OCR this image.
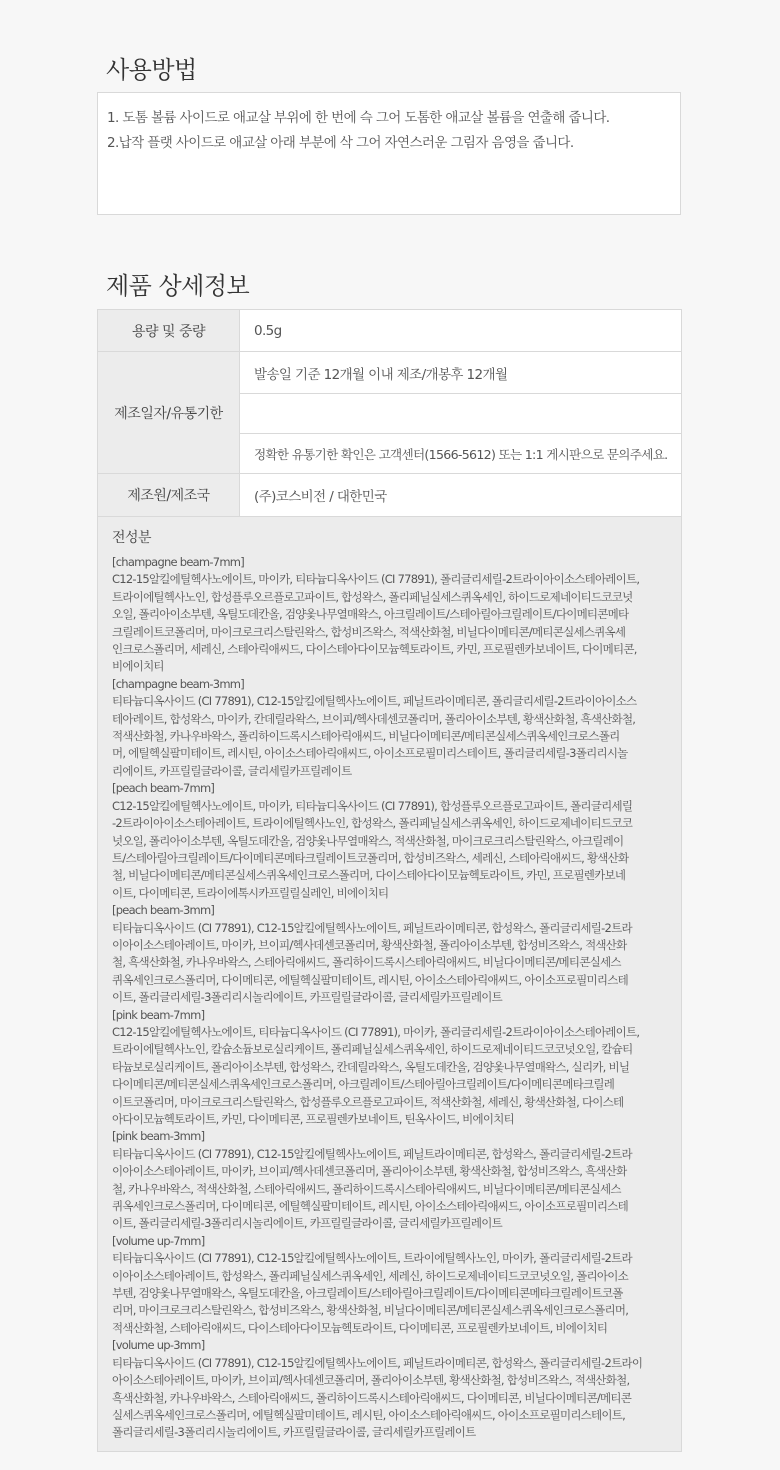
사용방법
1. 도톰 볼륨 사이드로 애교살 부위에 한 번에 슥 그어 도톰한 애교살 볼륨을 연출해 줍니다.
2.납작 플랫 사이드로 애교살 아래 부분에 삭 그어 자연스러운 그림자 음영을 줍니다.
제품 상세정보
용량 및 중량	0.5g
제조일자/유통기한
발송일 기준 12개월 이내 제조/개봉후 12개월
정확한 유통기한 확인은 고객센터(1566-5612) 또는 1:1 게시판으로 문의주세요.
제조원/제조국	(주)코스비전 / 대한민국
전성분
[champagne beam-7mm]
C12-15알킬에틸헥사노에이트, 마이카, 티타늄디옥사이드 (CI 77891), 폴리글리세릴-2트라이아이소스테아레이트,
트라이에틸헥사노인, 합성플루오르플로고파이트, 합성왁스, 폴리페닐실세스퀴옥세인, 하이드로제네이티드코코넛
오일, 폴리아이소부텐, 옥틸도데칸올, 검양옻나무열매왁스, 아크릴레이트/스테아릴아크릴레이트/다이메티콘메타
크릴레이트코폴리머, 마이크로크리스탈린왁스, 합성비즈왁스, 적색산화철, 비닐다이메티콘/메티콘실세스퀴옥세
인크로스폴리머, 세레신, 스테아릭애씨드, 다이스테아다이모늄헥토라이트, 카민, 프로필렌카보네이트, 다이메티콘,
비에이치티
[champagne beam-3mm]
티타늄디옥사이드 (CI 77891), C12-15알킬에틸헥사노에이트, 페닐트라이메티콘, 폴리글리세릴-2트라이아이소스
테아레이트, 합성왁스, 마이카, 칸데릴라왁스, 브이피/헥사데센코폴리머, 폴리아이소부텐, 황색산화철, 흑색산화철,
적색산화철, 카나우바왁스, 폴리하이드록시스테아릭애씨드, 비닐다이메티콘/메티콘실세스퀴옥세인크로스폴리
머, 에틸헥실팔미테이트, 레시틴, 아이소스테아릭애씨드, 아이소프로필미리스테이트, 폴리글리세릴-3폴리리시놀
리에이트, 카프릴릴글라이콜, 글리세릴카프릴레이트
[peach beam-7mm]
C12-15알킬에틸헥사노에이트, 마이카, 티타늄디옥사이드 (CI 77891), 합성플루오르플로고파이트, 폴리글리세릴
-2트라이아이소스테아레이트, 트라이에틸헥사노인, 합성왁스, 폴리페닐실세스퀴옥세인, 하이드로제네이티드코코
넛오일, 폴리아이소부텐, 옥틸도데칸올, 검양옻나무열매왁스, 적색산화철, 마이크로크리스탈린왁스, 아크릴레이
트/스테아릴아크릴레이트/다이메티콘메타크릴레이트코폴리머, 합성비즈왁스, 세레신, 스테아릭애씨드, 황색산화
철, 비닐다이메티콘/메티콘실세스퀴옥세인크로스폴리머, 다이스테아다이모늄헥토라이트, 카민, 프로필렌카보네
이트, 다이메티콘, 트라이에톡시카프릴릴실레인, 비에이치티
[peach beam-3mm]
티타늄디옥사이드 (CI 77891), C12-15알킬에틸헥사노에이트, 페닐트라이메티콘, 합성왁스, 폴리글리세릴-2트라
이아이소스테아레이트, 마이카, 브이피/헥사데센코폴리머, 황색산화철, 폴리아이소부텐, 합성비즈왁스, 적색산화
철, 흑색산화철, 카나우바왁스, 스테아릭애씨드, 폴리하이드록시스테아릭애씨드, 비닐다이메티콘/메티콘실세스
퀴옥세인크로스폴리머, 다이메티콘, 에틸헥실팔미테이트, 레시틴, 아이소스테아릭애씨드, 아이소프로필미리스테
이트, 폴리글리세릴-3폴리리시놀리에이트, 카프릴릴글라이콜, 글리세릴카프릴레이트
[pink beam-7mm]
C12-15알킬에틸헥사노에이트, 티타늄디옥사이드 (CI 77891), 마이카, 폴리글리세릴-2트라이아이소스테아레이트,
트라이에틸헥사노인, 칼슘소듐보로실리케이트, 폴리페닐실세스퀴옥세인, 하이드로제네이티드코코넛오일, 칼슘티
타늄보로실리케이트, 폴리아이소부텐, 합성왁스, 칸데릴라왁스, 옥틸도데칸올, 검양옻나무열매왁스, 실리카, 비닐
다이메티콘/메티콘실세스퀴옥세인크로스폴리머, 아크릴레이트/스테아릴아크릴레이트/다이메티콘메타크릴레
이트코폴리머, 마이크로크리스탈린왁스, 합성플루오르플로고파이트, 적색산화철, 세레신, 황색산화철, 다이스테
아다이모늄헥토라이트, 카민, 다이메티콘, 프로필렌카보네이트, 틴옥사이드, 비에이치티
[pink beam-3mm]
티타늄디옥사이드 (CI 77891), C12-15알킬에틸헥사노에이트, 페닐트라이메티콘, 합성왁스, 폴리글리세릴-2트라
이아이소스테아레이트, 마이카, 브이피/헥사데센코폴리머, 폴리아이소부텐, 황색산화철, 합성비즈왁스, 흑색산화
철, 카나우바왁스, 적색산화철, 스테아릭애씨드, 폴리하이드록시스테아릭애씨드, 비닐다이메티콘/메티콘실세스
퀴옥세인크로스폴리머, 다이메티콘, 에틸헥실팔미테이트, 레시틴, 아이소스테아릭애씨드, 아이소프로필미리스테
이트, 폴리글리세릴-3폴리리시놀리에이트, 카프릴릴글라이콜, 글리세릴카프릴레이트
[volume up-7mm]
티타늄디옥사이드 (CI 77891), C12-15알킬에틸헥사노에이트, 트라이에틸헥사노인, 마이카, 폴리글리세릴-2트라
이아이소스테아레이트, 합성왁스, 폴리페닐실세스퀴옥세인, 세레신, 하이드로제네이티드코코넛오일, 폴리아이소
부텐, 검양옻나무열매왁스, 옥틸도데칸올, 아크릴레이트/스테아릴아크릴레이트/다이메티콘메타크릴레이트코폴
리머, 마이크로크리스탈린왁스, 합성비즈왁스, 황색산화철, 비닐다이메티콘/메티콘실세스퀴옥세인크로스폴리머,
적색산화철, 스테아릭애씨드, 다이스테아다이모늄헥토라이트, 다이메티콘, 프로필렌카보네이트, 비에이치티
[volume up-3mm]
티타늄디옥사이드 (CI 77891), C12-15알킬에틸헥사노에이트, 페닐트라이메티콘, 합성왁스, 폴리글리세릴-2트라이
아이소스테아레이트, 마이카, 브이피/헥사데센코폴리머, 폴리아이소부텐, 황색산화철, 합성비즈왁스, 적색산화철,
흑색산화철, 카나우바왁스, 스테아릭애씨드, 폴리하이드록시스테아릭애씨드, 다이메티콘, 비닐다이메티콘/메티콘
실세스퀴옥세인크로스폴리머, 에틸헥실팔미테이트, 레시틴, 아이소스테아릭애씨드, 아이소프로필미리스테이트,
폴리글리세릴-3폴리리시놀리에이트, 카프릴릴글라이콜, 글리세릴카프릴레이트
